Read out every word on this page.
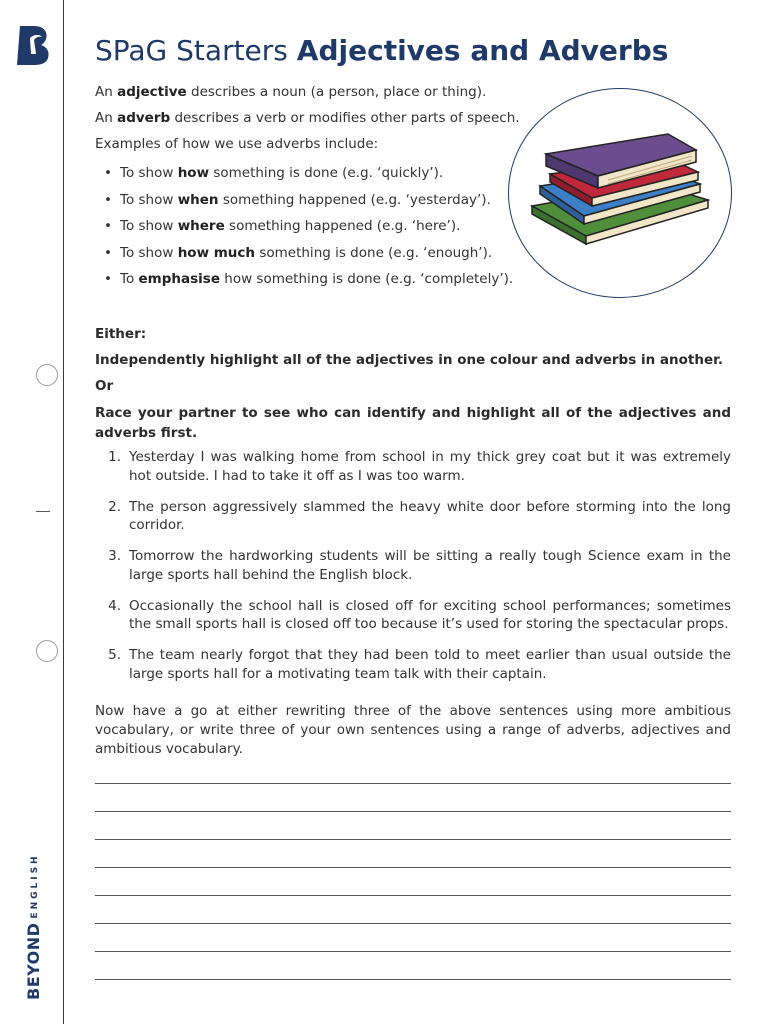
BEYONDENGLISH
SPaG Starters Adjectives and Adverbs
An adjective describes a noun (a person, place or thing).
An adverb describes a verb or modifies other parts of speech.
Examples of how we use adverbs include:
• To show how something is done (e.g. ‘quickly’).
• To show when something happened (e.g. ‘yesterday’).
• To show where something happened (e.g. ‘here’).
• To show how much something is done (e.g. ‘enough’).
• To emphasise how something is done (e.g. ‘completely’).
Either:
Independently highlight all of the adjectives in one colour and adverbs in another.
Or
Race your partner to see who can identify and highlight all of the adjectives and adverbs first.
1. Yesterday I was walking home from school in my thick grey coat but it was extremely hot outside. I had to take it off as I was too warm.
2. The person aggressively slammed the heavy white door before storming into the long corridor.
3. Tomorrow the hardworking students will be sitting a really tough Science exam in the large sports hall behind the English block.
4. Occasionally the school hall is closed off for exciting school performances; sometimes the small sports hall is closed off too because it’s used for storing the spectacular props.
5. The team nearly forgot that they had been told to meet earlier than usual outside the large sports hall for a motivating team talk with their captain.
Now have a go at either rewriting three of the above sentences using more ambitious vocabulary, or write three of your own sentences using a range of adverbs, adjectives and ambitious vocabulary.
